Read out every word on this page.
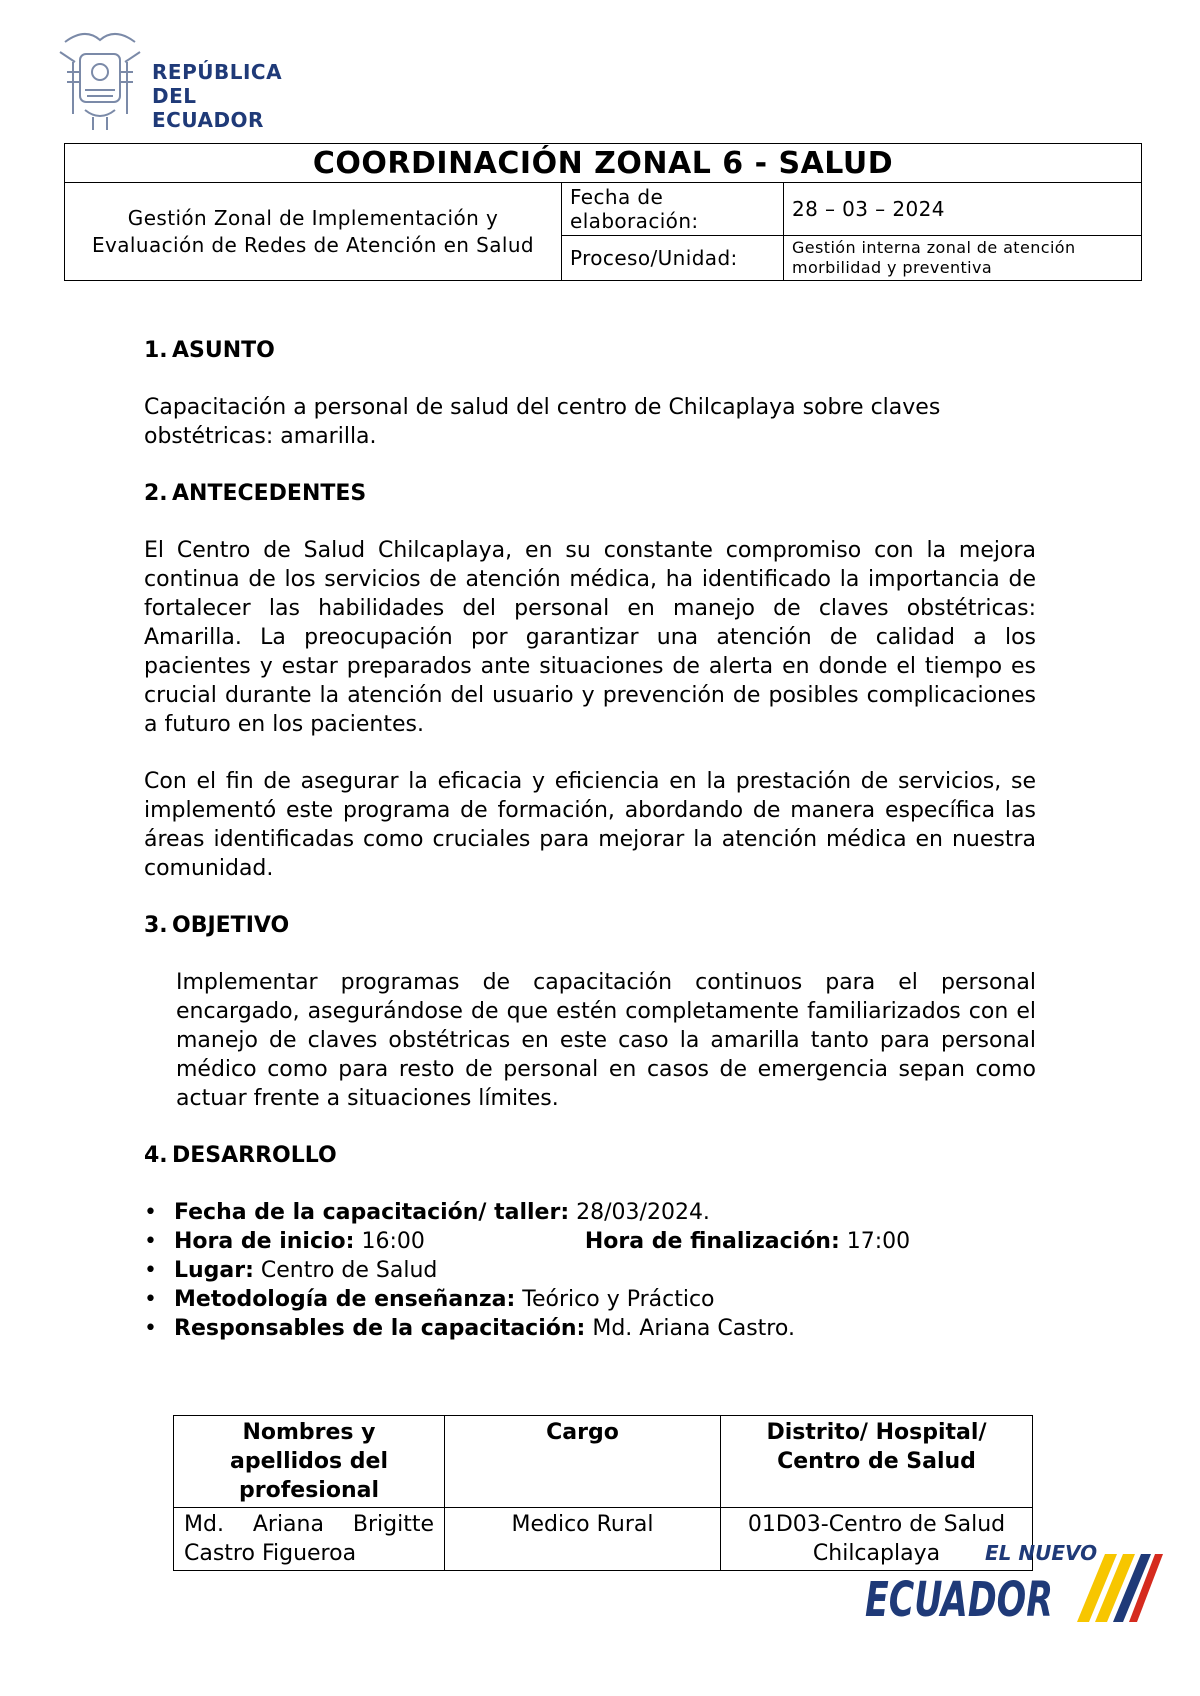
REPÚBLICA
DEL ECUADOR
COORDINACIÓN ZONAL 6 - SALUD		
Gestión Zonal de Implementación y Evaluación de Redes de Atención en Salud	Fecha de elaboración:	28 – 03 – 2024
	Proceso/Unidad:	Gestión interna zonal de atención morbilidad y preventiva

1. ASUNTO

Capacitación a personal de salud del centro de Chilcaplaya sobre claves obstétricas: amarilla.

2. ANTECEDENTES

El Centro de Salud Chilcaplaya, en su constante compromiso con la mejora continua de los servicios de atención médica, ha identificado la importancia de fortalecer las habilidades del personal en manejo de claves obstétricas: Amarilla. La preocupación por garantizar una atención de calidad a los pacientes y estar preparados ante situaciones de alerta en donde el tiempo es crucial durante la atención del usuario y prevención de posibles complicaciones a futuro en los pacientes.

Con el fin de asegurar la eficacia y eficiencia en la prestación de servicios, se implementó este programa de formación, abordando de manera específica las áreas identificadas como cruciales para mejorar la atención médica en nuestra comunidad.

3. OBJETIVO

Implementar programas de capacitación continuos para el personal encargado, asegurándose de que estén completamente familiarizados con el manejo de claves obstétricas en este caso la amarilla tanto para personal médico como para resto de personal en casos de emergencia sepan como actuar frente a situaciones límites.

4. DESARROLLO

• Fecha de la capacitación/ taller: 28/03/2024.
• Hora de inicio: 16:00	Hora de finalización: 17:00
• Lugar: Centro de Salud
• Metodología de enseñanza: Teórico y Práctico
• Responsables de la capacitación: Md. Ariana Castro.
Nombres y apellidos del profesional	Cargo	Distrito/ Hospital/ Centro de Salud
Md. Ariana Brigitte Castro Figueroa	Medico Rural	01D03-Centro de Salud Chilcaplaya EL NUEVO
ECUADOR
